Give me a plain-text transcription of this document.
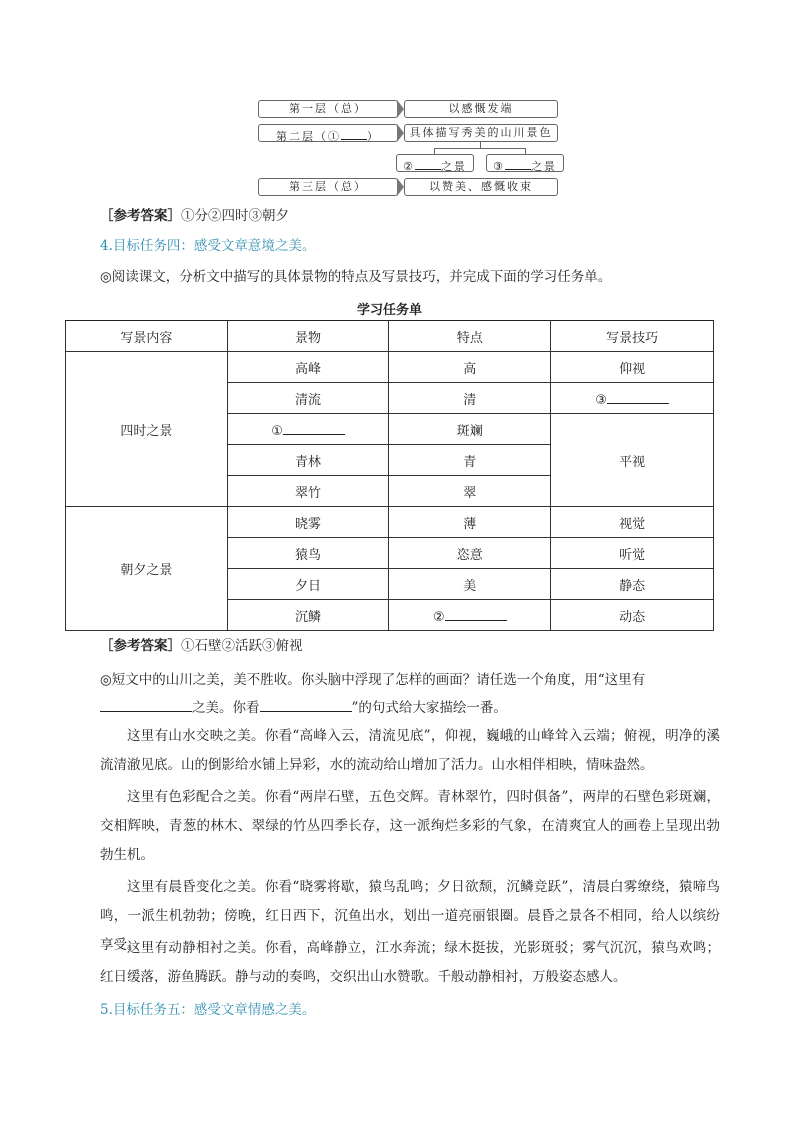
第一层（总）	以感慨发端
第二层（① ）	具体描写秀美的山川景色
② 之景	③ 之景
第三层（总）	以赞美、感慨收束
［参考答案］①分②四时③朝夕
4.目标任务四：感受文章意境之美。
◎阅读课文，分析文中描写的具体景物的特点及写景技巧，并完成下面的学习任务单。
学习任务单
写景内容	景物	特点	写景技巧
四时之景	高峰	高	仰视
	清流	清	③
	①	斑斓	平视
	青林	青	
	翠竹	翠	
朝夕之景	晓雾	薄	视觉
	猿鸟	恣意	听觉
	夕日	美	静态
	沉鳞	②	动态
［参考答案］①石壁②活跃③俯视
◎短文中的山川之美，美不胜收。你头脑中浮现了怎样的画面？请任选一个角度，用“这里有
之美。你看	”的句式给大家描绘一番。

这里有山水交映之美。你看“高峰入云，清流见底”，仰视，巍峨的山峰耸入云端；俯视，明净的溪流清澈见底。山的倒影给水铺上异彩，水的流动给山增加了活力。山水相伴相映，情味盎然。

这里有色彩配合之美。你看“两岸石壁，五色交辉。青林翠竹，四时俱备”，两岸的石壁色彩斑斓，交相辉映，青葱的林木、翠绿的竹丛四季长存，这一派绚烂多彩的气象，在清爽宜人的画卷上呈现出勃勃生机。

这里有晨昏变化之美。你看“晓雾将歇，猿鸟乱鸣；夕日欲颓，沉鳞竞跃”，清晨白雾缭绕，猿啼鸟鸣，一派生机勃勃；傍晚，红日西下，沉鱼出水，划出一道亮丽银圈。晨昏之景各不相同，给人以缤纷享受。

这里有动静相衬之美。你看，高峰静立，江水奔流；绿木挺拔，光影斑驳；雾气沉沉，猿鸟欢鸣；红日缓落，游鱼腾跃。静与动的奏鸣，交织出山水赞歌。千般动静相衬，万般姿态感人。

5.目标任务五：感受文章情感之美。
